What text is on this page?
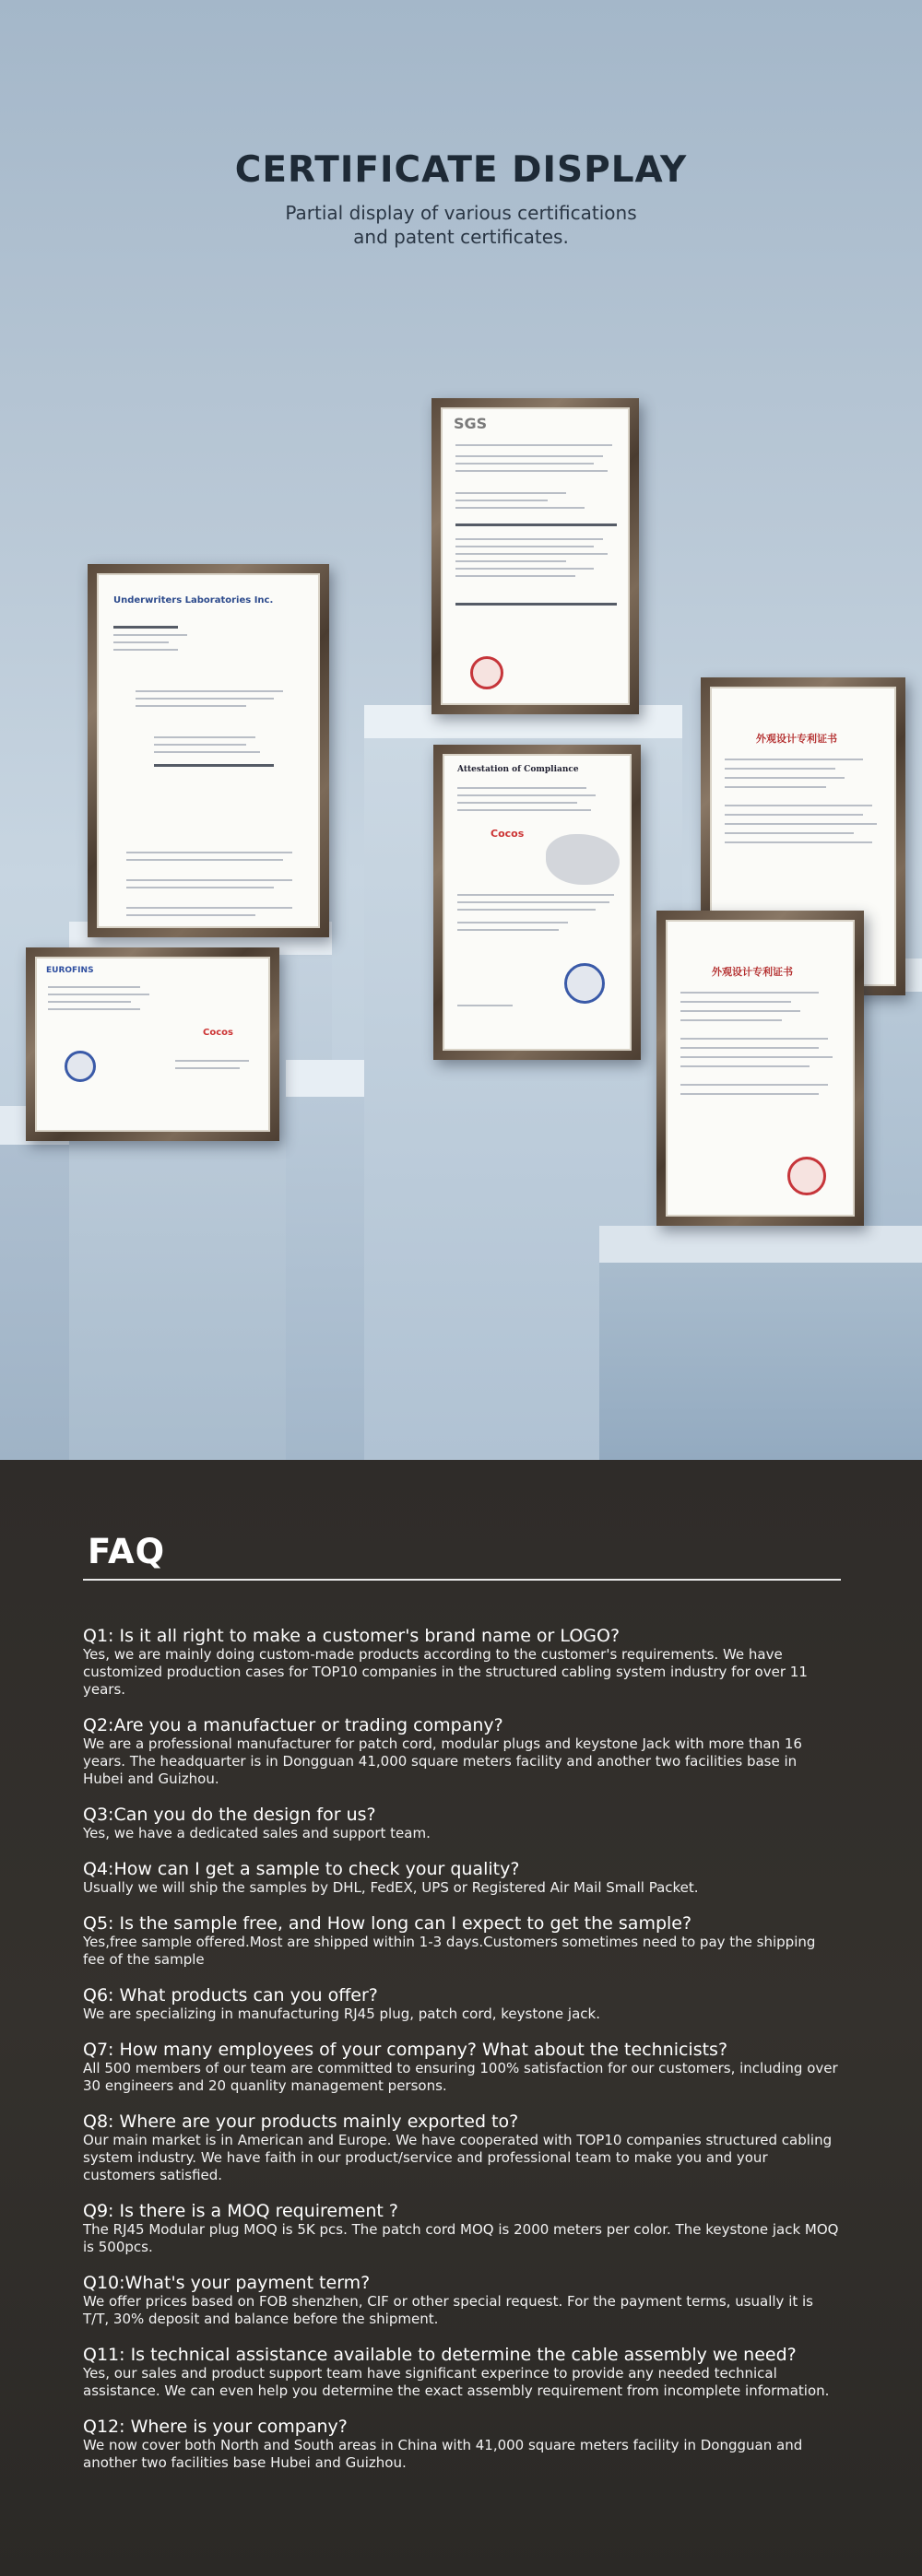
CERTIFICATE DISPLAY
Partial display of various certifications
and patent certificates.
Underwriters Laboratories Inc.
SGS
Attestation of Compliance
Cocos
外观设计专利证书
EUROFINS
Cocos
外观设计专利证书
FAQ
Q1: Is it all right to make a customer's brand name or LOGO?
Yes, we are mainly doing custom-made products according to the customer's requirements. We have customized production cases for TOP10 companies in the structured cabling system industry for over 11 years.
Q2:Are you a manufactuer or trading company?
We are a professional manufacturer for patch cord, modular plugs and keystone Jack with more than 16 years. The headquarter is in Dongguan 41,000 square meters facility and another two facilities base in Hubei and Guizhou.
Q3:Can you do the design for us?
Yes, we have a dedicated sales and support team.
Q4:How can I get a sample to check your quality?
Usually we will ship the samples by DHL, FedEX, UPS or Registered Air Mail Small Packet.
Q5: Is the sample free, and How long can I expect to get the sample?
Yes,free sample offered.Most are shipped within 1-3 days.Customers sometimes need to pay the shipping fee of the sample
Q6: What products can you offer?
We are specializing in manufacturing RJ45 plug, patch cord, keystone jack.
Q7: How many employees of your company? What about the technicists?
All 500 members of our team are committed to ensuring 100% satisfaction for our customers, including over 30 engineers and 20 quanlity management persons.
Q8: Where are your products mainly exported to?
Our main market is in American and Europe. We have cooperated with TOP10 companies structured cabling system industry. We have faith in our product/service and professional team to make you and your customers satisfied.
Q9: Is there is a MOQ requirement ?
The RJ45 Modular plug MOQ is 5K pcs. The patch cord MOQ is 2000 meters per color. The keystone jack MOQ is 500pcs.
Q10:What's your payment term?
We offer prices based on FOB shenzhen, CIF or other special request. For the payment terms, usually it is T/T, 30% deposit and balance before the shipment.
Q11: Is technical assistance available to determine the cable assembly we need?
Yes, our sales and product support team have significant experince to provide any needed technical assistance. We can even help you determine the exact assembly requirement from incomplete information.
Q12: Where is your company?
We now cover both North and South areas in China with 41,000 square meters facility in Dongguan and another two facilities base Hubei and Guizhou.
